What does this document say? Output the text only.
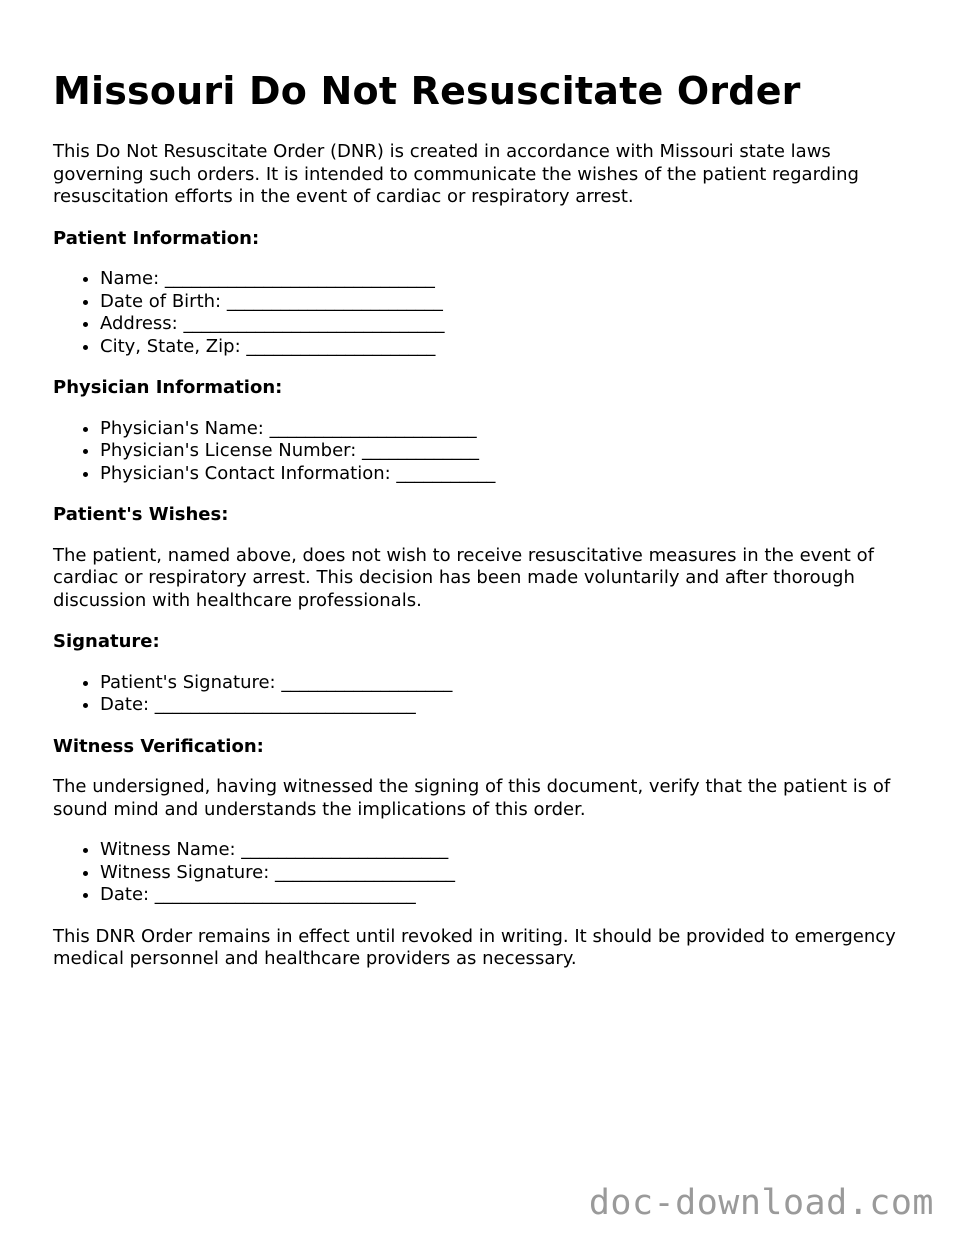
Missouri Do Not Resuscitate Order

This Do Not Resuscitate Order (DNR) is created in accordance with Missouri state laws governing such orders. It is intended to communicate the wishes of the patient regarding resuscitation efforts in the event of cardiac or respiratory arrest.

Patient Information:
• Name: ______________________________
• Date of Birth: ________________________
• Address: _____________________________
• City, State, Zip: _____________________
Physician Information:
• Physician's Name: _______________________
• Physician's License Number: _____________
• Physician's Contact Information: ___________
Patient's Wishes:

The patient, named above, does not wish to receive resuscitative measures in the event of cardiac or respiratory arrest. This decision has been made voluntarily and after thorough discussion with healthcare professionals.

Signature:
• Patient's Signature: ___________________
• Date: _____________________________
Witness Verification:

The undersigned, having witnessed the signing of this document, verify that the patient is of sound mind and understands the implications of this order.

• Witness Name: _______________________
• Witness Signature: ____________________
• Date: _____________________________

This DNR Order remains in effect until revoked in writing. It should be provided to emergency medical personnel and healthcare providers as necessary.

doc-download.com
